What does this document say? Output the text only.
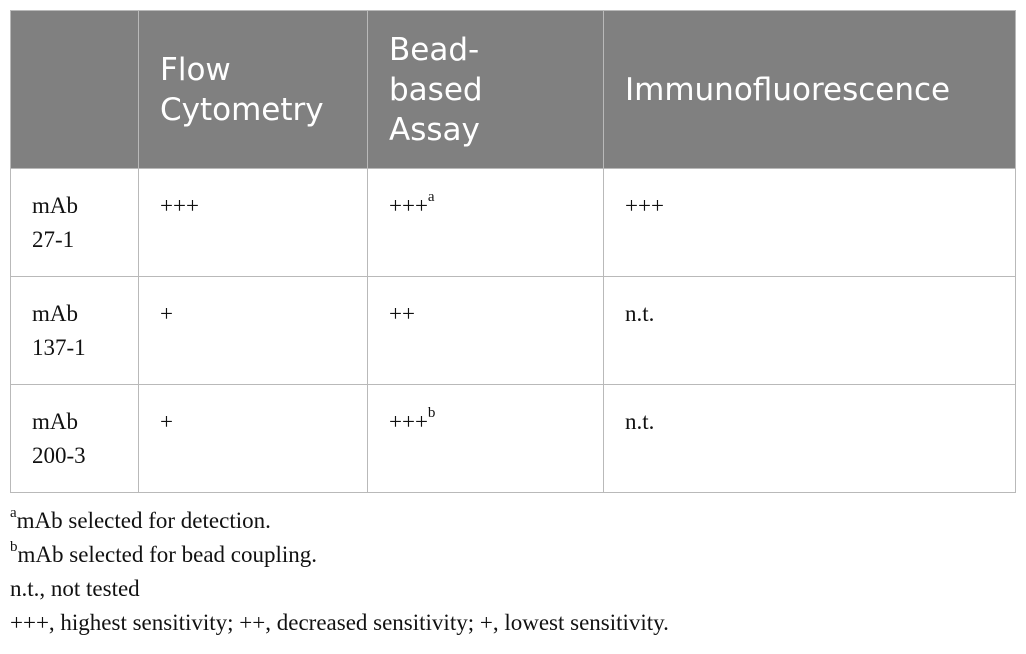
	Flow
Cytometry	Bead-
based
Assay	Immunofluorescence

mAb
27-1	+++	+++$^a$	+++
mAb
137-1	+	++	n.t.
mAb
200-3	+	+++$^b$	n.t.
$^a$mAb selected for detection.
$^b$mAb selected for bead coupling.
n.t., not tested
+++, highest sensitivity; ++, decreased sensitivity; +, lowest sensitivity.
